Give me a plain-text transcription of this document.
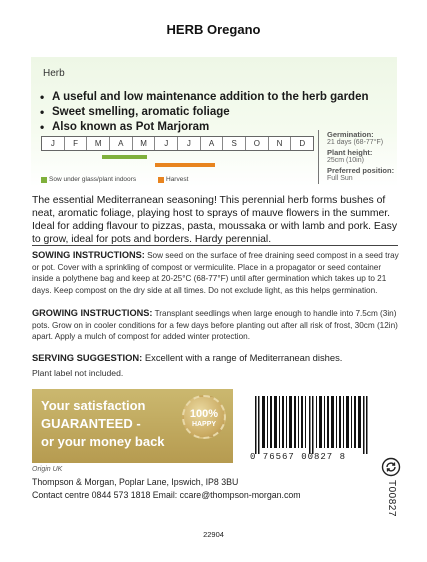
HERB Oregano
Herb
• A useful and low maintenance addition to the herb garden
• Sweet smelling, aromatic foliage
• Also known as Pot Marjoram
J	F	M	A	M	J	J	A	S	O	N	D
Sow under glass/plant indoors	Harvest
Germination:
21 days (68-77°F)
Plant height:
25cm (10in)
Preferred position:
Full Sun
The essential Mediterranean seasoning! This perennial herb forms bushes of neat, aromatic foliage, playing host to sprays of mauve flowers in the summer. Ideal for adding flavour to pizzas, pasta, moussaka or with lamb and pork. Easy to grow, ideal for pots and borders. Hardy perennial.
SOWING INSTRUCTIONS: Sow seed on the surface of free draining seed compost in a seed tray or pot. Cover with a sprinkling of compost or vermiculite. Place in a propagator or seed container inside a polythene bag and keep at 20-25°C (68-77°F) until after germination which takes up to 21 days. Keep compost on the dry side at all times. Do not exclude light, as this helps germination.
GROWING INSTRUCTIONS: Transplant seedlings when large enough to handle into 7.5cm (3in) pots. Grow on in cooler conditions for a few days before planting out after all risk of frost, 30cm (12in) apart. Apply a mulch of compost for added winter protection.
SERVING SUGGESTION: Excellent with a range of Mediterranean dishes.
Plant label not included.
Your satisfaction
GUARANTEED -
or your money back
100%
HAPPY
0 76567 00827 8
Origin UK
Thompson & Morgan, Poplar Lane, Ipswich, IP8 3BU
Contact centre 0844 573 1818 Email: ccare@thompson-morgan.com	T00827
22904
